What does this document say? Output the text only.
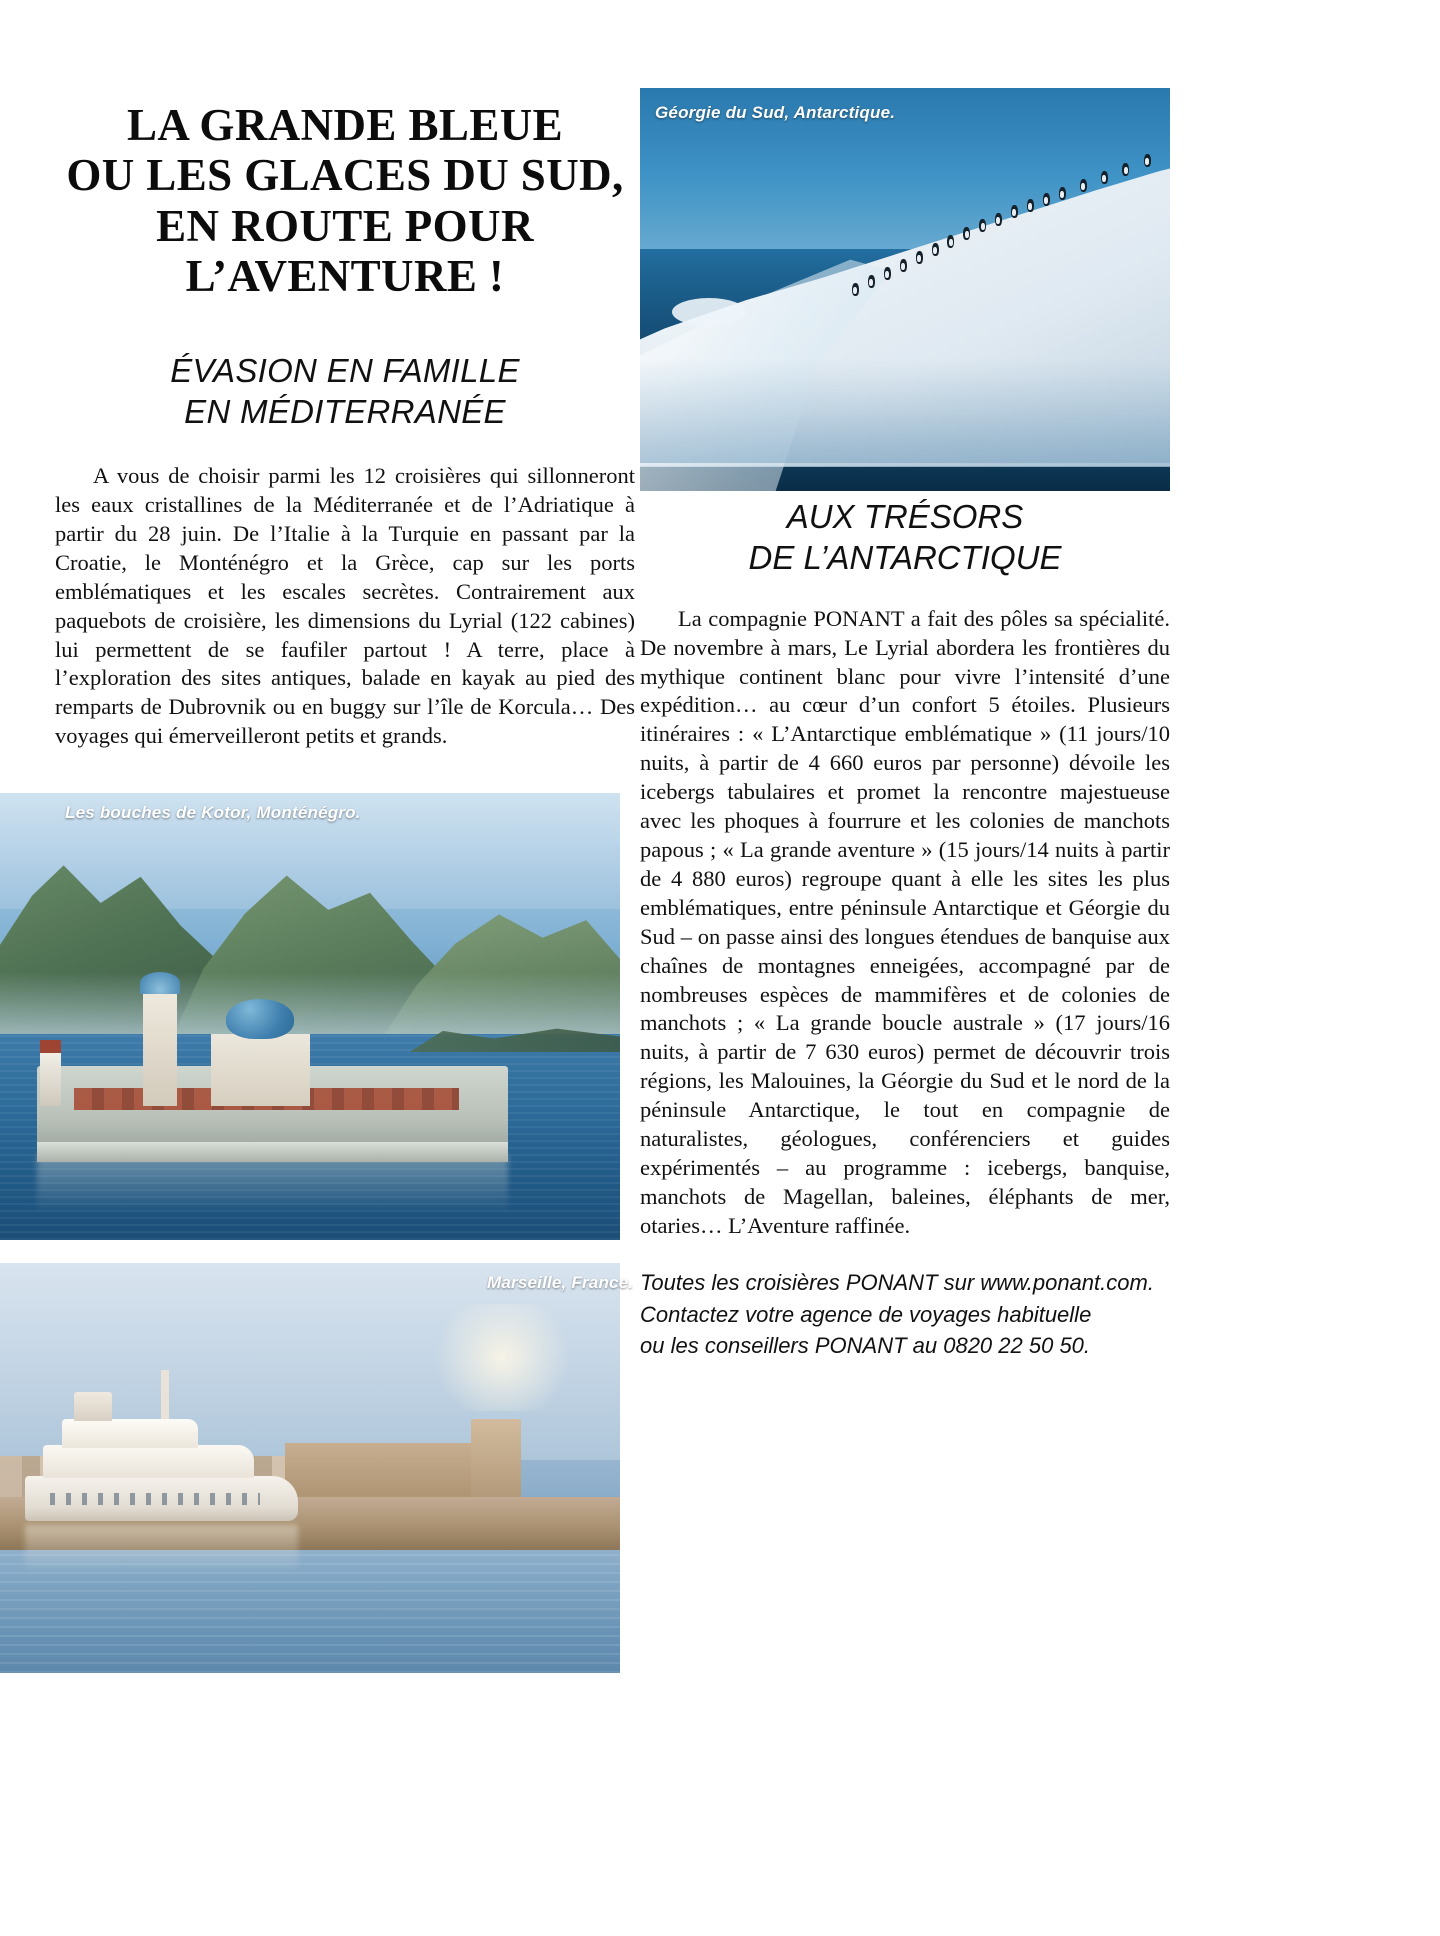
LA GRANDE BLEUE
OU LES GLACES DU SUD,
EN ROUTE POUR
L’AVENTURE !
ÉVASION EN FAMILLE
EN MÉDITERRANÉE
A vous de choisir parmi les 12 croisières qui sillonneront les eaux cristallines de la Méditerranée et de l’Adriatique à partir du 28 juin. De l’Italie à la Turquie en passant par la Croatie, le Monténégro et la Grèce, cap sur les ports emblématiques et les escales secrètes. Contrairement aux paquebots de croisière, les dimensions du Lyrial (122 cabines) lui permettent de se faufiler partout ! A terre, place à l’exploration des sites antiques, balade en kayak au pied des remparts de Dubrovnik ou en buggy sur l’île de Korcula… Des voyages qui émerveilleront petits et grands.
AUX TRÉSORS
DE L’ANTARCTIQUE
La compagnie PONANT a fait des pôles sa spécialité. De novembre à mars, Le Lyrial abordera les frontières du mythique continent blanc pour vivre l’intensité d’une expédition… au cœur d’un confort 5 étoiles. Plusieurs itinéraires : « L’Antarctique emblématique » (11 jours/10 nuits, à partir de 4 660 euros par personne) dévoile les icebergs tabulaires et promet la rencontre majestueuse avec les phoques à fourrure et les colonies de manchots papous ; « La grande aventure » (15 jours/14 nuits à partir de 4 880 euros) regroupe quant à elle les sites les plus emblématiques, entre péninsule Antarctique et Géorgie du Sud – on passe ainsi des longues étendues de banquise aux chaînes de montagnes enneigées, accompagné par de nombreuses espèces de mammifères et de colonies de manchots ; « La grande boucle australe » (17 jours/16 nuits, à partir de 7 630 euros) permet de découvrir trois régions, les Malouines, la Géorgie du Sud et le nord de la péninsule Antarctique, le tout en compagnie de naturalistes, géologues, conférenciers et guides expérimentés – au programme : icebergs, banquise, manchots de Magellan, baleines, éléphants de mer, otaries… L’Aventure raffinée.
Toutes les croisières PONANT sur www.ponant.com.
Contactez votre agence de voyages habituelle
ou les conseillers PONANT au 0820 22 50 50.
Géorgie du Sud, Antarctique.
Les bouches de Kotor, Monténégro.
Marseille, France.
